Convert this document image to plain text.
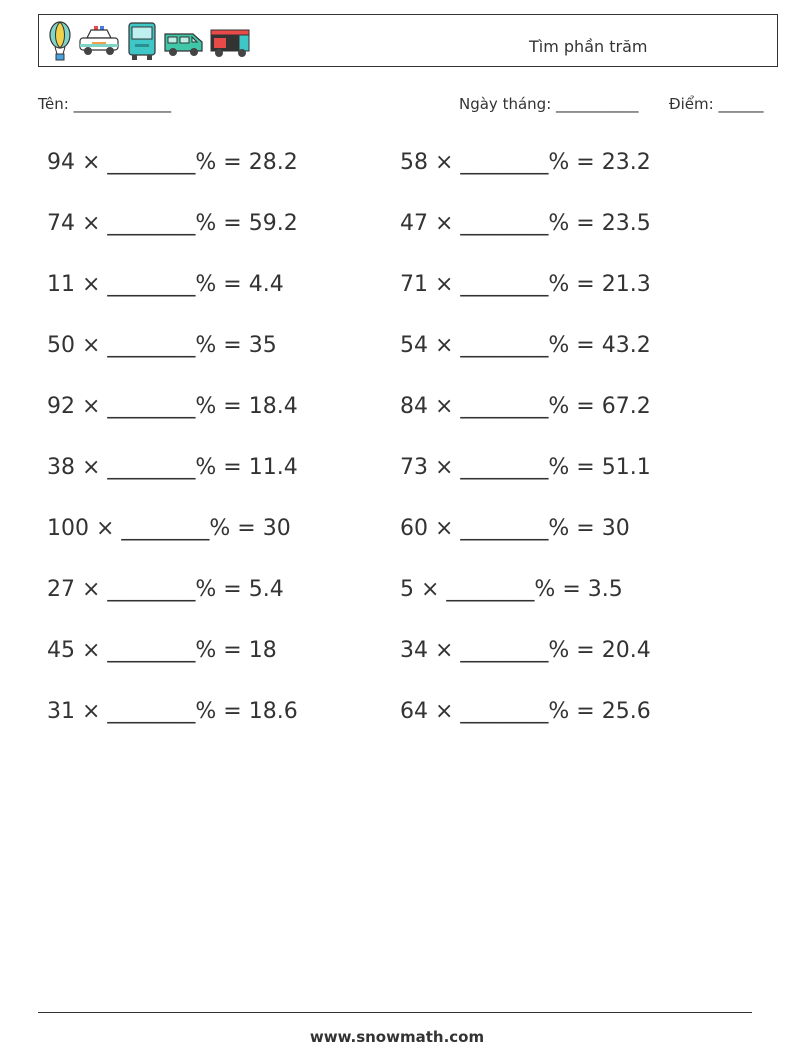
Tìm phần trăm
Tên: _____________	Ngày tháng: ___________ Điểm: ______
94 × ________% = 28.2
74 × ________% = 59.2
11 × ________% = 4.4
50 × ________% = 35
92 × ________% = 18.4
38 × ________% = 11.4
100 × ________% = 30
27 × ________% = 5.4
45 × ________% = 18
31 × ________% = 18.6
58 × ________% = 23.2
47 × ________% = 23.5
71 × ________% = 21.3
54 × ________% = 43.2
84 × ________% = 67.2
73 × ________% = 51.1
60 × ________% = 30
5 × ________% = 3.5
34 × ________% = 20.4
64 × ________% = 25.6
www.snowmath.com
